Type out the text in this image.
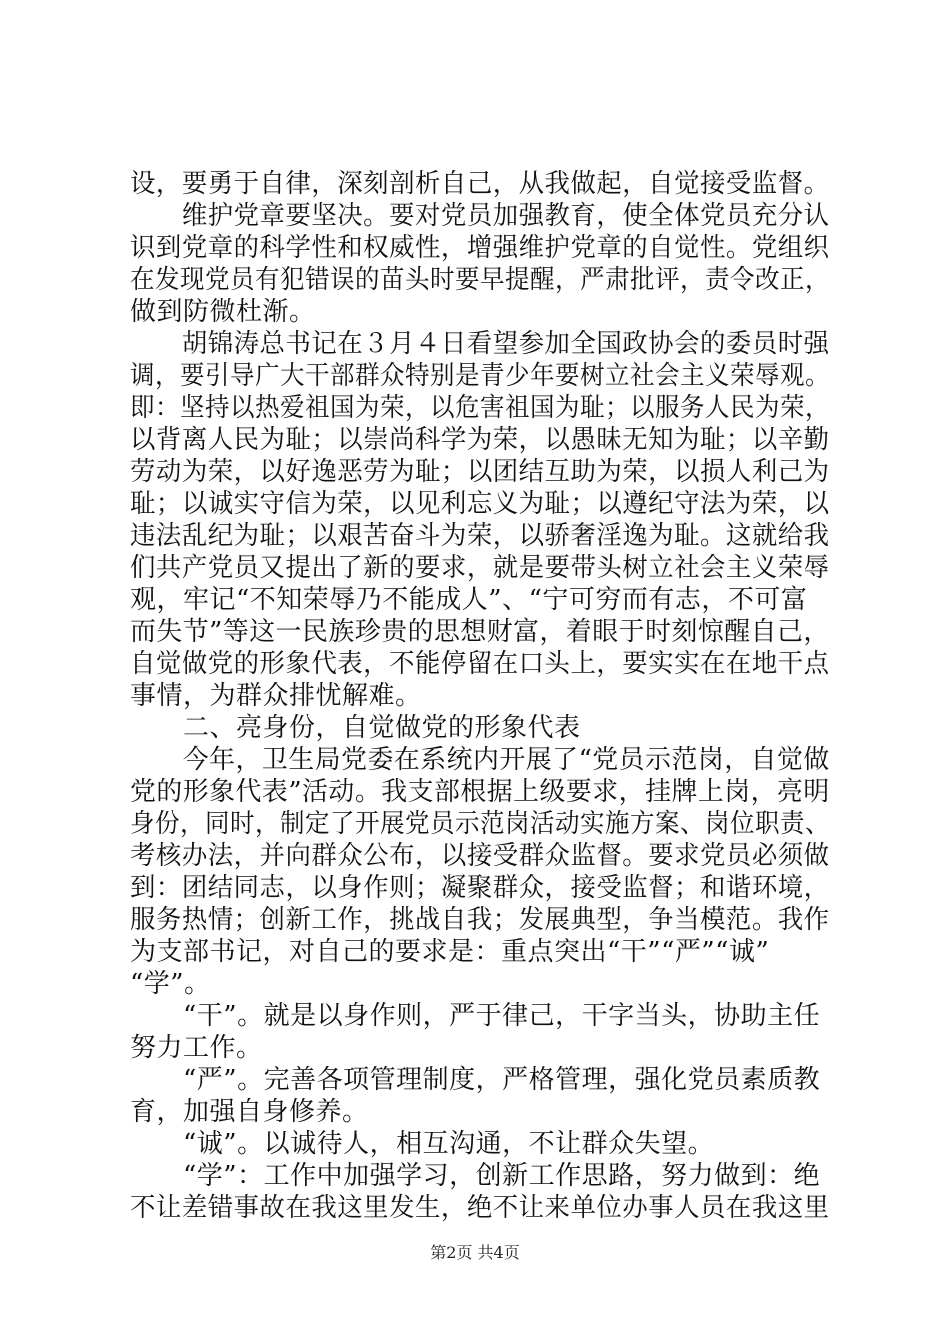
设，要勇于自律，深刻剖析自己，从我做起，自觉接受监督。
　　维护党章要坚决。要对党员加强教育，使全体党员充分认
识到党章的科学性和权威性，增强维护党章的自觉性。党组织
在发现党员有犯错误的苗头时要早提醒，严肃批评，责令改正，
做到防微杜渐。
　　胡锦涛总书记在３月４日看望参加全国政协会的委员时强
调，要引导广大干部群众特别是青少年要树立社会主义荣辱观。
即：坚持以热爱祖国为荣，以危害祖国为耻；以服务人民为荣，
以背离人民为耻；以崇尚科学为荣，以愚昧无知为耻；以辛勤
劳动为荣，以好逸恶劳为耻；以团结互助为荣，以损人利己为
耻；以诚实守信为荣，以见利忘义为耻；以遵纪守法为荣，以
违法乱纪为耻；以艰苦奋斗为荣，以骄奢淫逸为耻。这就给我
们共产党员又提出了新的要求，就是要带头树立社会主义荣辱
观，牢记“不知荣辱乃不能成人”、“宁可穷而有志，不可富
而失节”等这一民族珍贵的思想财富，着眼于时刻惊醒自己，
自觉做党的形象代表，不能停留在口头上，要实实在在地干点
事情，为群众排忧解难。
　　二、亮身份，自觉做党的形象代表
　　今年，卫生局党委在系统内开展了“党员示范岗，自觉做
党的形象代表”活动。我支部根据上级要求，挂牌上岗，亮明
身份，同时，制定了开展党员示范岗活动实施方案、岗位职责、
考核办法，并向群众公布，以接受群众监督。要求党员必须做
到：团结同志，以身作则；凝聚群众，接受监督；和谐环境，
服务热情；创新工作，挑战自我；发展典型，争当模范。我作
为支部书记，对自己的要求是：重点突出“干”“严”“诚”
“学”。
　　“干”。就是以身作则，严于律己，干字当头，协助主任
努力工作。
　　“严”。完善各项管理制度，严格管理，强化党员素质教
育，加强自身修养。
　　“诚”。以诚待人，相互沟通，不让群众失望。
　　“学”：工作中加强学习，创新工作思路，努力做到：绝
不让差错事故在我这里发生，绝不让来单位办事人员在我这里
第2页 共4页
